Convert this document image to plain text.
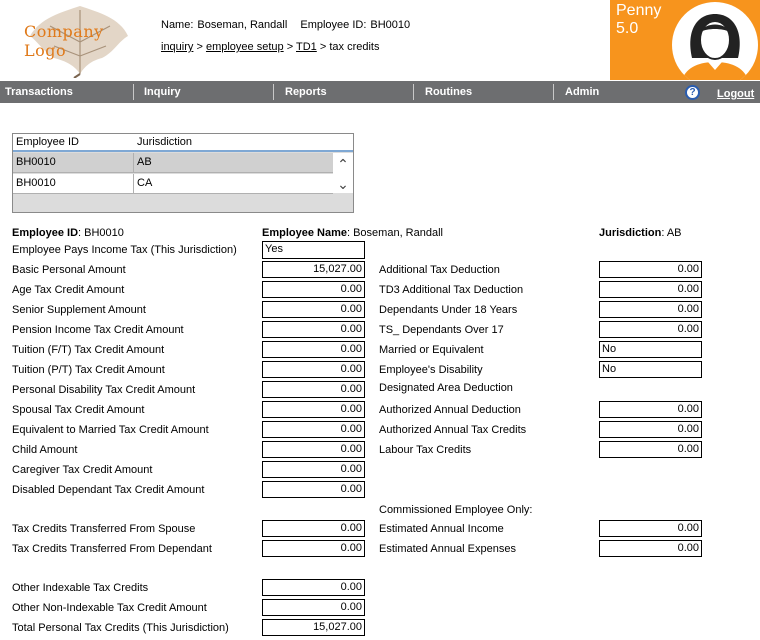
Company Logo
Name: Boseman, Randall Employee ID: BH0010
inquiry > employee setup > TD1 > tax credits
Penny
5.0
Transactions	Inquiry	Reports	Routines	Admin	?	Logout
Employee ID	Jurisdiction
BH0010	AB
BH0010	CA
⌃
⌄
Employee ID: BH0010	Employee Name: Boseman, Randall	Jurisdiction: AB
Employee Pays Income Tax (This Jurisdiction)	Yes
Basic Personal Amount	15,027.00
Age Tax Credit Amount	0.00
Senior Supplement Amount	0.00
Pension Income Tax Credit Amount	0.00
Tuition (F/T) Tax Credit Amount	0.00
Tuition (P/T) Tax Credit Amount	0.00
Personal Disability Tax Credit Amount	0.00
Spousal Tax Credit Amount	0.00
Equivalent to Married Tax Credit Amount	0.00
Child Amount	0.00
Caregiver Tax Credit Amount	0.00
Disabled Dependant Tax Credit Amount	0.00
Tax Credits Transferred From Spouse	0.00
Tax Credits Transferred From Dependant	0.00
Other Indexable Tax Credits	0.00
Other Non-Indexable Tax Credit Amount	0.00
Total Personal Tax Credits (This Jurisdiction)	15,027.00
Additional Tax Deduction	0.00
TD3 Additional Tax Deduction	0.00
Dependants Under 18 Years	0.00
TS_ Dependants Over 17	0.00
Married or Equivalent	No
Employee's Disability	No
Designated Area Deduction
Authorized Annual Deduction	0.00
Authorized Annual Tax Credits	0.00
Labour Tax Credits	0.00
Commissioned Employee Only:
Estimated Annual Income	0.00
Estimated Annual Expenses	0.00
